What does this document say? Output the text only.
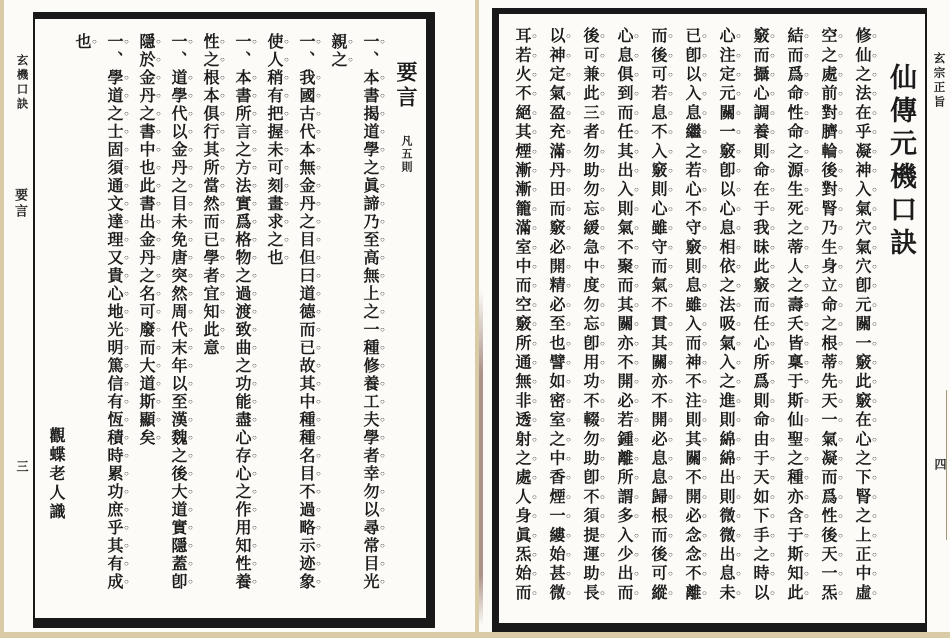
玄機口訣
要言
三
要言 凡五則
一、本書揭道學之眞諦乃至高無上之一種修養工夫學者幸勿以尋常目光
親之
一、我國古代本無金丹之目但曰道德而已故其中種種名目不過略示迹象
使人稍有把握未可刻畫求之也
一、本書所言之方法實爲格物之過渡致曲之功能盡心存心之作用知性養
性之根本俱行其所當然而已學者宜知此意
一、道學代以金丹之目未免唐突然周代末年以至漢魏之後大道實隱蓋卽
隱於金丹之書中也此書出金丹之名可廢而大道斯顯矣
一、學道之士固須通文達理又貴心地光明篤信有恆積時累功庶乎其有成
也
觀蝶老人識
仙傳元機口訣
修仙之法在乎凝神入氣穴氣穴卽元關一竅此竅在心之下腎之上正中虛
空之處前對臍輪後對腎乃生身立命之根蒂先天一氣凝而爲性後天一炁
結而爲命性命之源生死之蒂人之壽夭皆稟于斯仙聖之種亦含于斯知此
竅而攝心調養則命在于我昧此竅而任心所爲則命由于天如下手之時以
心注定元關一竅卽以心息相依之法吸氣入之進則綿綿出則微微出息未
已卽以入息繼之若心不守竅則息雖入而神不注則其關不開必念念不離
而後可若息不入竅則心雖守而氣不貫其關亦不開必息息歸根而後可縱
心息俱到而任其出入則氣不聚而其關亦不開必若鍾離所謂多入少出而
後可兼此三者勿助勿忘緩急中度勿忘卽用功不輟勿助卽不須提運助長
以神定氣盈充滿丹田而竅必開精必至也譬如密室之中香煙一縷始甚微
耳若火不絕其煙漸漸籠滿室中而空竅所通無非透射之處人身眞炁始而	玄宗正旨
四
